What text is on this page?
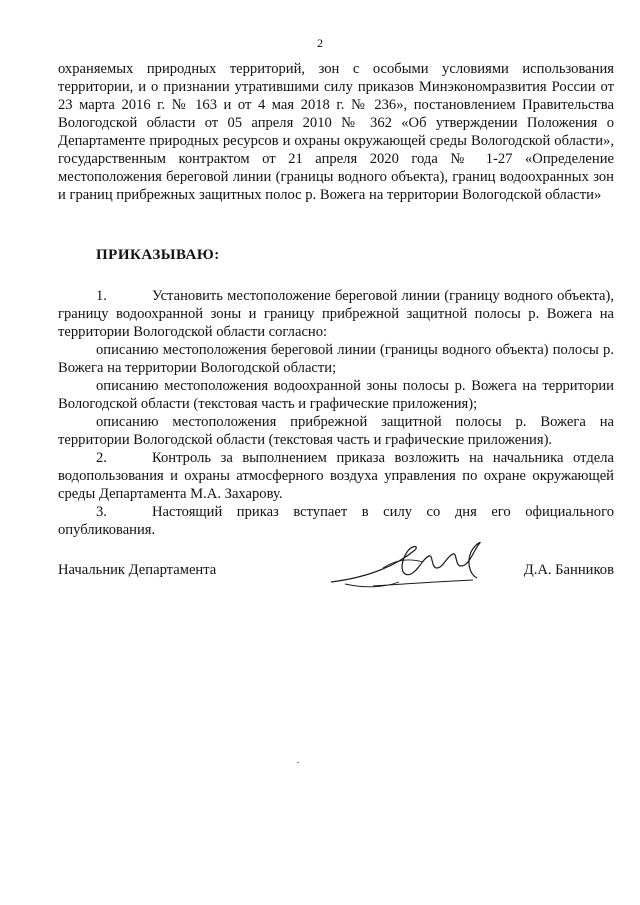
2
охраняемых природных территорий, зон с особыми условиями использования территории, и о признании утратившими силу приказов Минэкономразвития России от 23 марта 2016 г. № 163 и от 4 мая 2018 г. № 236», постановлением Правительства Вологодской области от 05 апреля 2010 № 362 «Об утверждении Положения о Департаменте природных ресурсов и охраны окружающей среды Вологодской области», государственным контрактом от 21 апреля 2020 года № 1-27 «Определение местоположения береговой линии (границы водного объекта), границ водоохранных зон и границ прибрежных защитных полос р. Вожега на территории Вологодской области»
ПРИКАЗЫВАЮ:

1.	Установить местоположение береговой линии (границу водного объекта), границу водоохранной зоны и границу прибрежной защитной полосы р. Вожега на территории Вологодской области согласно:

описанию местоположения береговой линии (границы водного объекта) полосы р. Вожега на территории Вологодской области;

описанию местоположения водоохранной зоны полосы р. Вожега на территории Вологодской области (текстовая часть и графические приложения);

описанию местоположения прибрежной защитной полосы р. Вожега на территории Вологодской области (текстовая часть и графические приложения).

2.	Контроль за выполнением приказа возложить на начальника отдела водопользования и охраны атмосферного воздуха управления по охране окружающей среды Департамента М.А. Захарову.

3.	Настоящий приказ вступает в силу со дня его официального опубликования.

Начальник Департамента	Д.А. Банников
